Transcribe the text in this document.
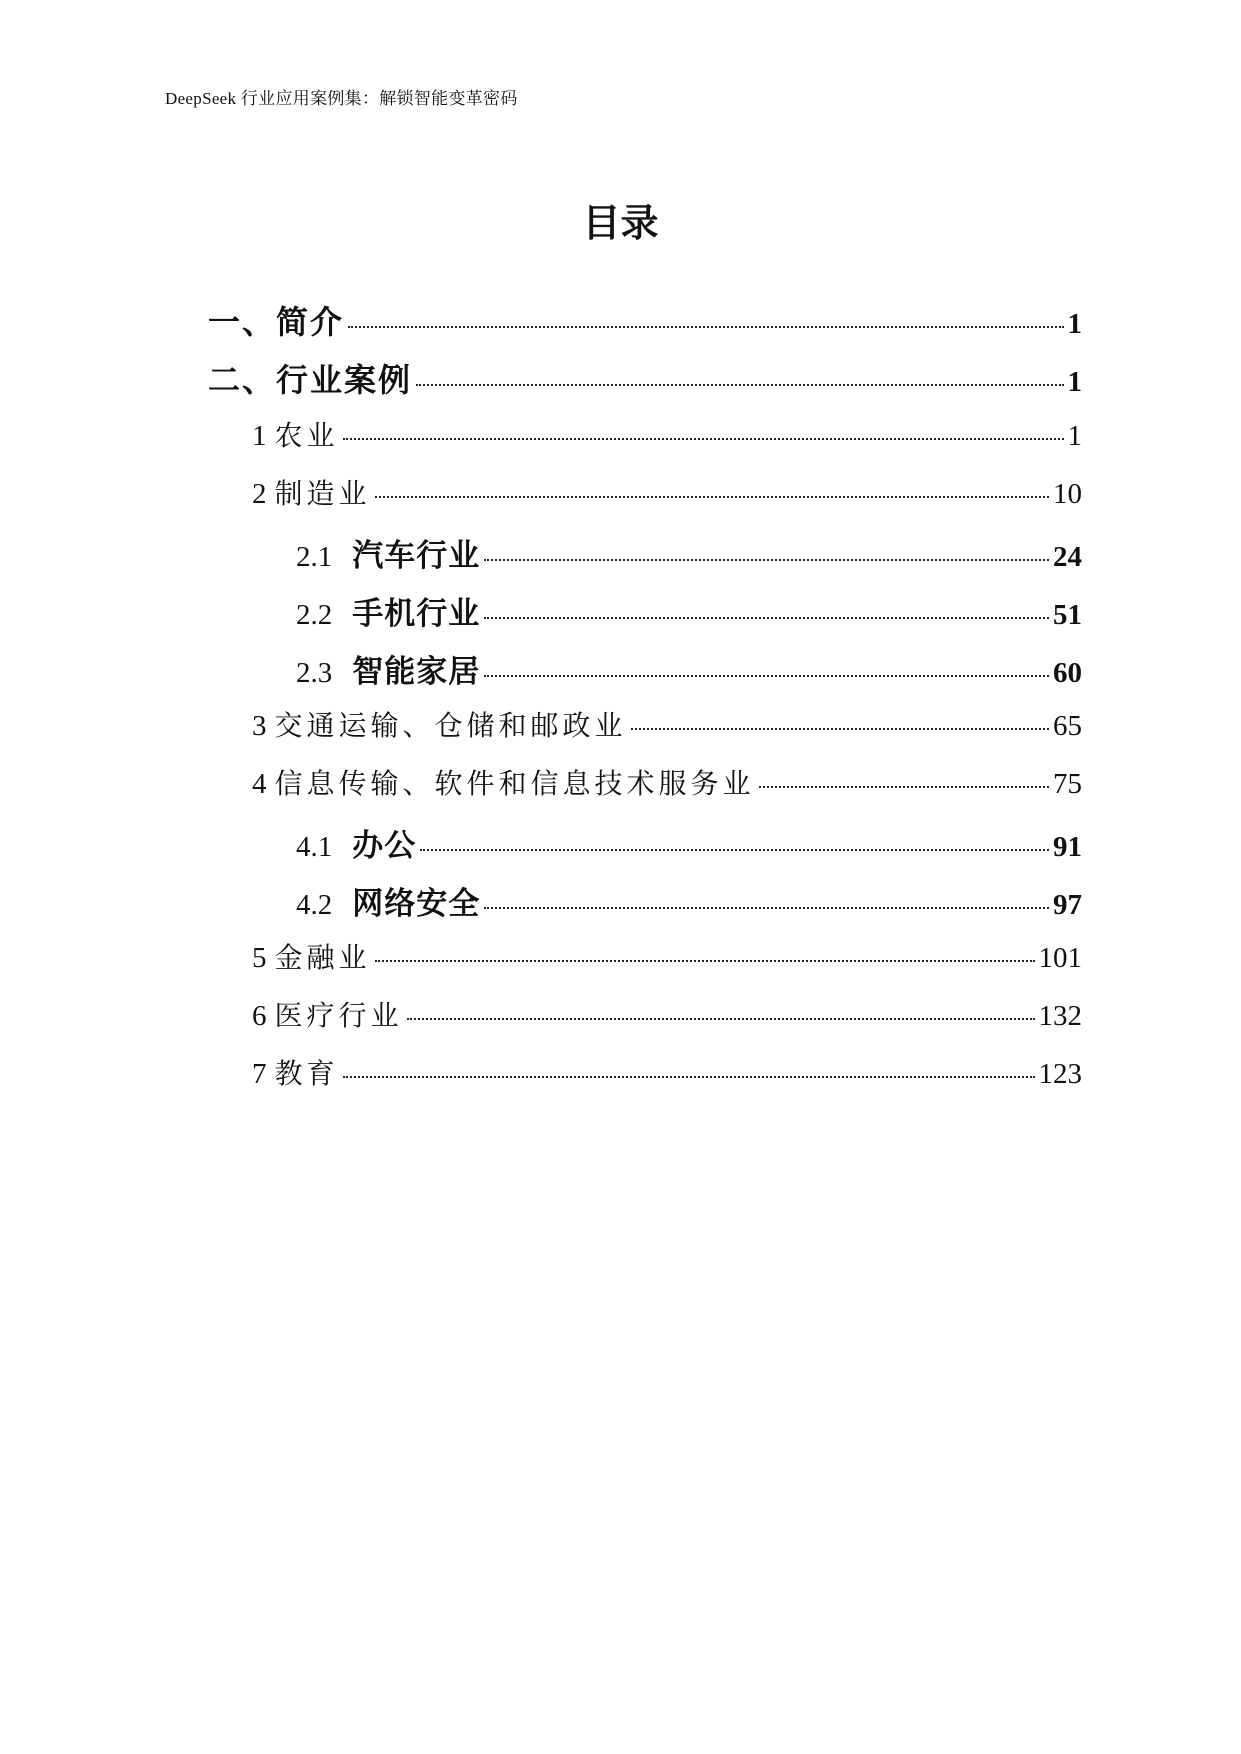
DeepSeek 行业应用案例集：解锁智能变革密码
目录
一、简介	1
二、行业案例	1
1 农业	1
2 制造业	10
2.1 汽车行业	24
2.2 手机行业	51
2.3 智能家居	60
3 交通运输、仓储和邮政业	65
4 信息传输、软件和信息技术服务业	75
4.1 办公	91
4.2 网络安全	97
5 金融业	101
6 医疗行业	132
7 教育	123
